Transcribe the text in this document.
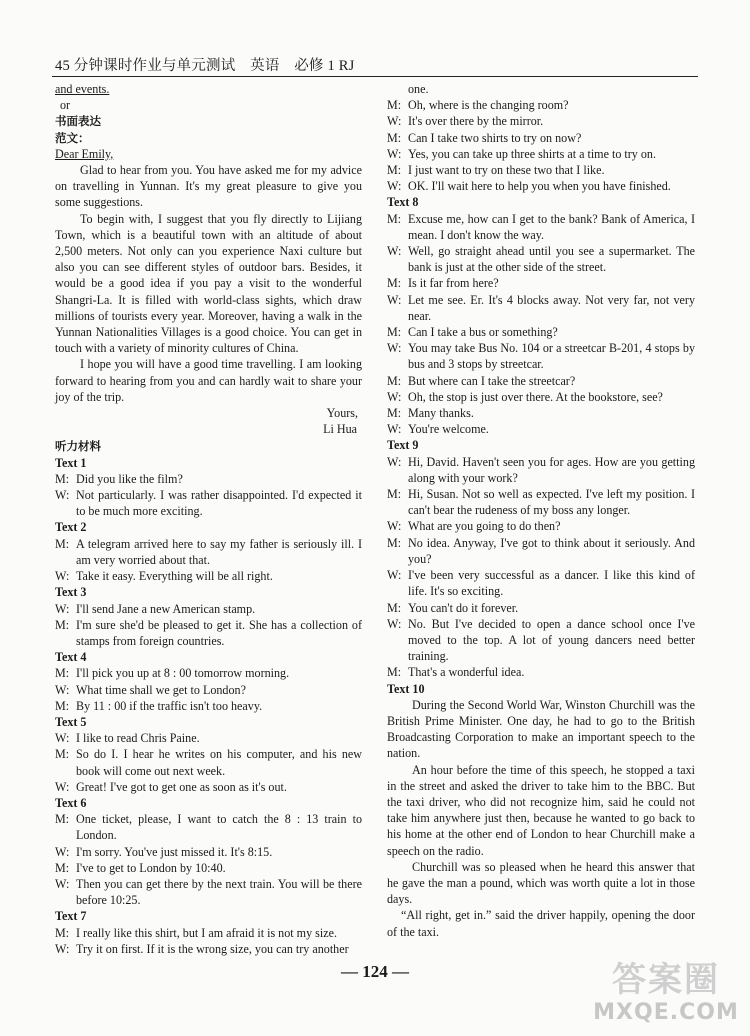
45 分钟课时作业与单元测试　英语　必修 1 RJ
and events.
or
书面表达
范文：
Dear Emily,
Glad to hear from you. You have asked me for my advice on travelling in Yunnan. It's my great pleasure to give you some suggestions.
To begin with, I suggest that you fly directly to Lijiang Town, which is a beautiful town with an altitude of about 2,500 meters. Not only can you experience Naxi culture but also you can see different styles of outdoor bars. Besides, it would be a good idea if you pay a visit to the wonderful Shangri-La. It is filled with world-class sights, which draw millions of tourists every year. Moreover, having a walk in the Yunnan Nationalities Villages is a good choice. You can get in touch with a variety of minority cultures of China.
I hope you will have a good time travelling. I am looking forward to hearing from you and can hardly wait to share your joy of the trip.
Yours,
Li Hua
听力材料
Text 1
M: Did you like the film?
W: Not particularly. I was rather disappointed. I'd expected it to be much more exciting.
Text 2
M: A telegram arrived here to say my father is seriously ill. I am very worried about that.
W: Take it easy. Everything will be all right.
Text 3
W: I'll send Jane a new American stamp.
M: I'm sure she'd be pleased to get it. She has a collection of stamps from foreign countries.
Text 4
M: I'll pick you up at 8 : 00 tomorrow morning.
W: What time shall we get to London?
M: By 11 : 00 if the traffic isn't too heavy.
Text 5
W: I like to read Chris Paine.
M: So do I. I hear he writes on his computer, and his new book will come out next week.
W: Great! I've got to get one as soon as it's out.
Text 6
M: One ticket, please, I want to catch the 8 : 13 train to London.
W: I'm sorry. You've just missed it. It's 8:15.
M: I've to get to London by 10:40.
W: Then you can get there by the next train. You will be there before 10:25.
Text 7
M: I really like this shirt, but I am afraid it is not my size.
W: Try it on first. If it is the wrong size, you can try another
one.
M: Oh, where is the changing room?
W: It's over there by the mirror.
M: Can I take two shirts to try on now?
W: Yes, you can take up three shirts at a time to try on.
M: I just want to try on these two that I like.
W: OK. I'll wait here to help you when you have finished.
Text 8
M: Excuse me, how can I get to the bank? Bank of America, I mean. I don't know the way.
W: Well, go straight ahead until you see a supermarket. The bank is just at the other side of the street.
M: Is it far from here?
W: Let me see. Er. It's 4 blocks away. Not very far, not very near.
M: Can I take a bus or something?
W: You may take Bus No. 104 or a streetcar B-201, 4 stops by bus and 3 stops by streetcar.
M: But where can I take the streetcar?
W: Oh, the stop is just over there. At the bookstore, see?
M: Many thanks.
W: You're welcome.
Text 9
W: Hi, David. Haven't seen you for ages. How are you getting along with your work?
M: Hi, Susan. Not so well as expected. I've left my position. I can't bear the rudeness of my boss any longer.
W: What are you going to do then?
M: No idea. Anyway, I've got to think about it seriously. And you?
W: I've been very successful as a dancer. I like this kind of life. It's so exciting.
M: You can't do it forever.
W: No. But I've decided to open a dance school once I've moved to the top. A lot of young dancers need better training.
M: That's a wonderful idea.
Text 10
During the Second World War, Winston Churchill was the British Prime Minister. One day, he had to go to the British Broadcasting Corporation to make an important speech to the nation.
An hour before the time of this speech, he stopped a taxi in the street and asked the driver to take him to the BBC. But the taxi driver, who did not recognize him, said he could not take him anywhere just then, because he wanted to go back to his home at the other end of London to hear Churchill make a speech on the radio.
Churchill was so pleased when he heard this answer that he gave the man a pound, which was worth quite a lot in those days.
“All right, get in.” said the driver happily, opening the door of the taxi.
— 124 —	答案圈
MXQE.COM
